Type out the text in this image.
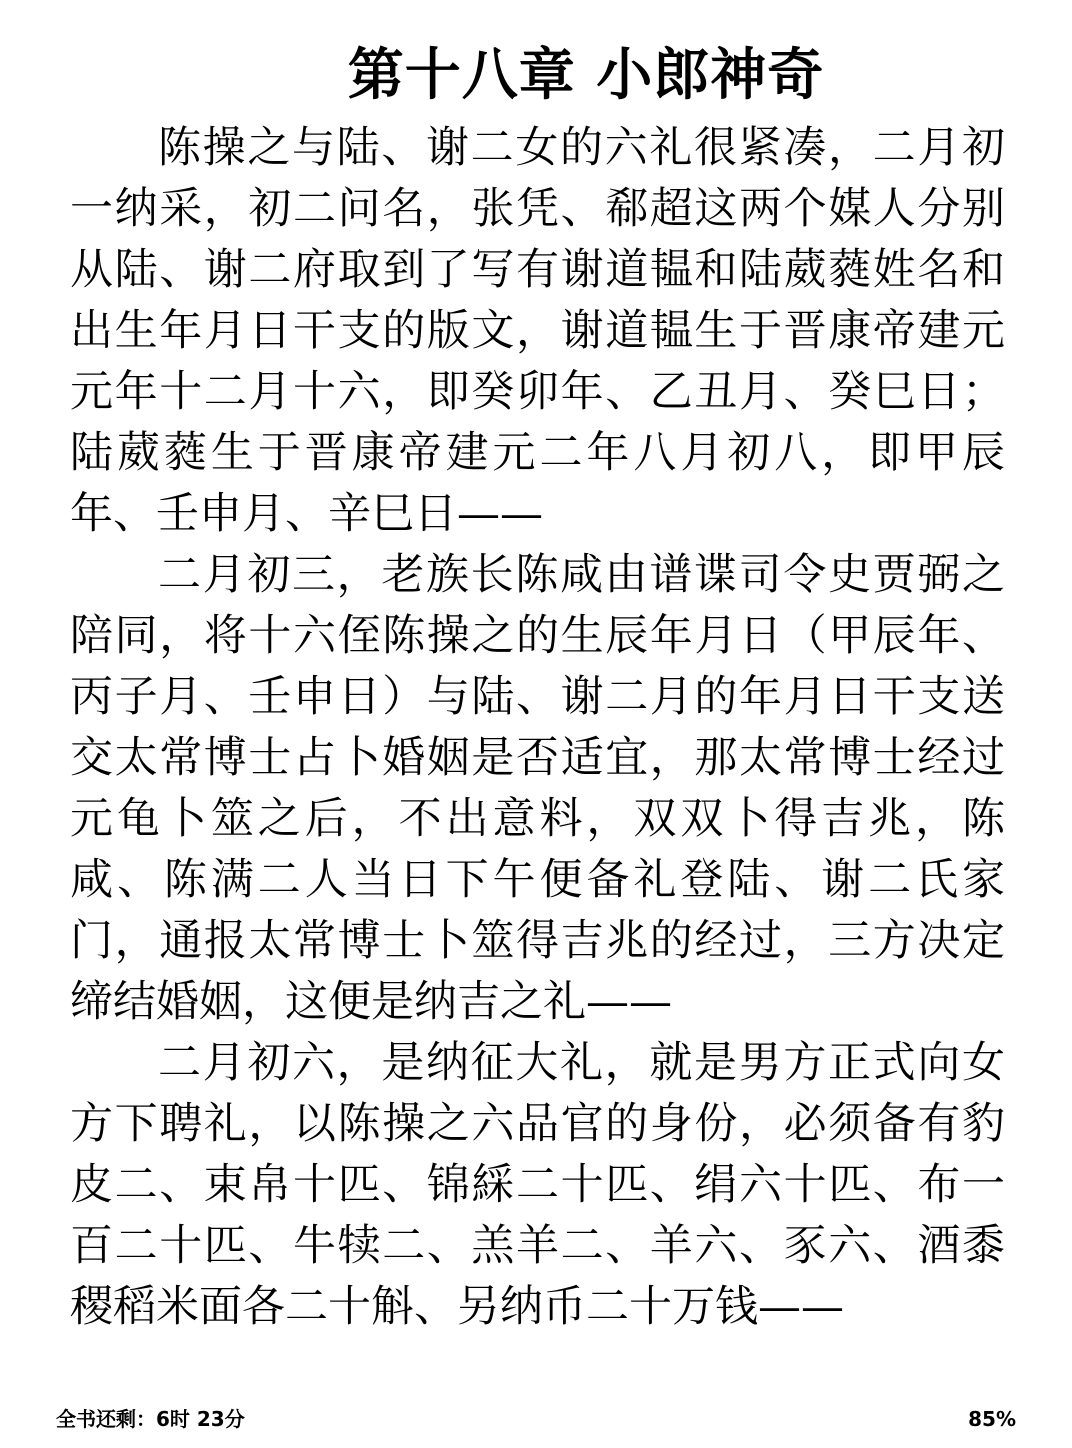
第十八章 小郎神奇
陈操之与陆、谢二女的六礼很紧凑，二月初
一纳采，初二问名，张凭、郗超这两个媒人分别
从陆、谢二府取到了写有谢道韫和陆葳蕤姓名和
出生年月日干支的版文，谢道韫生于晋康帝建元
元年十二月十六，即癸卯年、乙丑月、癸巳日；
陆葳蕤生于晋康帝建元二年八月初八，即甲辰
年、壬申月、辛巳日——
二月初三，老族长陈咸由谱谍司令史贾弼之
陪同，将十六侄陈操之的生辰年月日（甲辰年、
丙子月、壬申日）与陆、谢二月的年月日干支送
交太常博士占卜婚姻是否适宜，那太常博士经过
元龟卜筮之后，不出意料，双双卜得吉兆，陈
咸、陈满二人当日下午便备礼登陆、谢二氏家
门，通报太常博士卜筮得吉兆的经过，三方决定
缔结婚姻，这便是纳吉之礼——
二月初六，是纳征大礼，就是男方正式向女
方下聘礼，以陈操之六品官的身份，必须备有豹
皮二、束帛十匹、锦綵二十匹、绢六十匹、布一
百二十匹、牛犊二、羔羊二、羊六、豕六、酒黍
稷稻米面各二十斛、另纳币二十万钱——
全书还剩：6时 23分	85%
